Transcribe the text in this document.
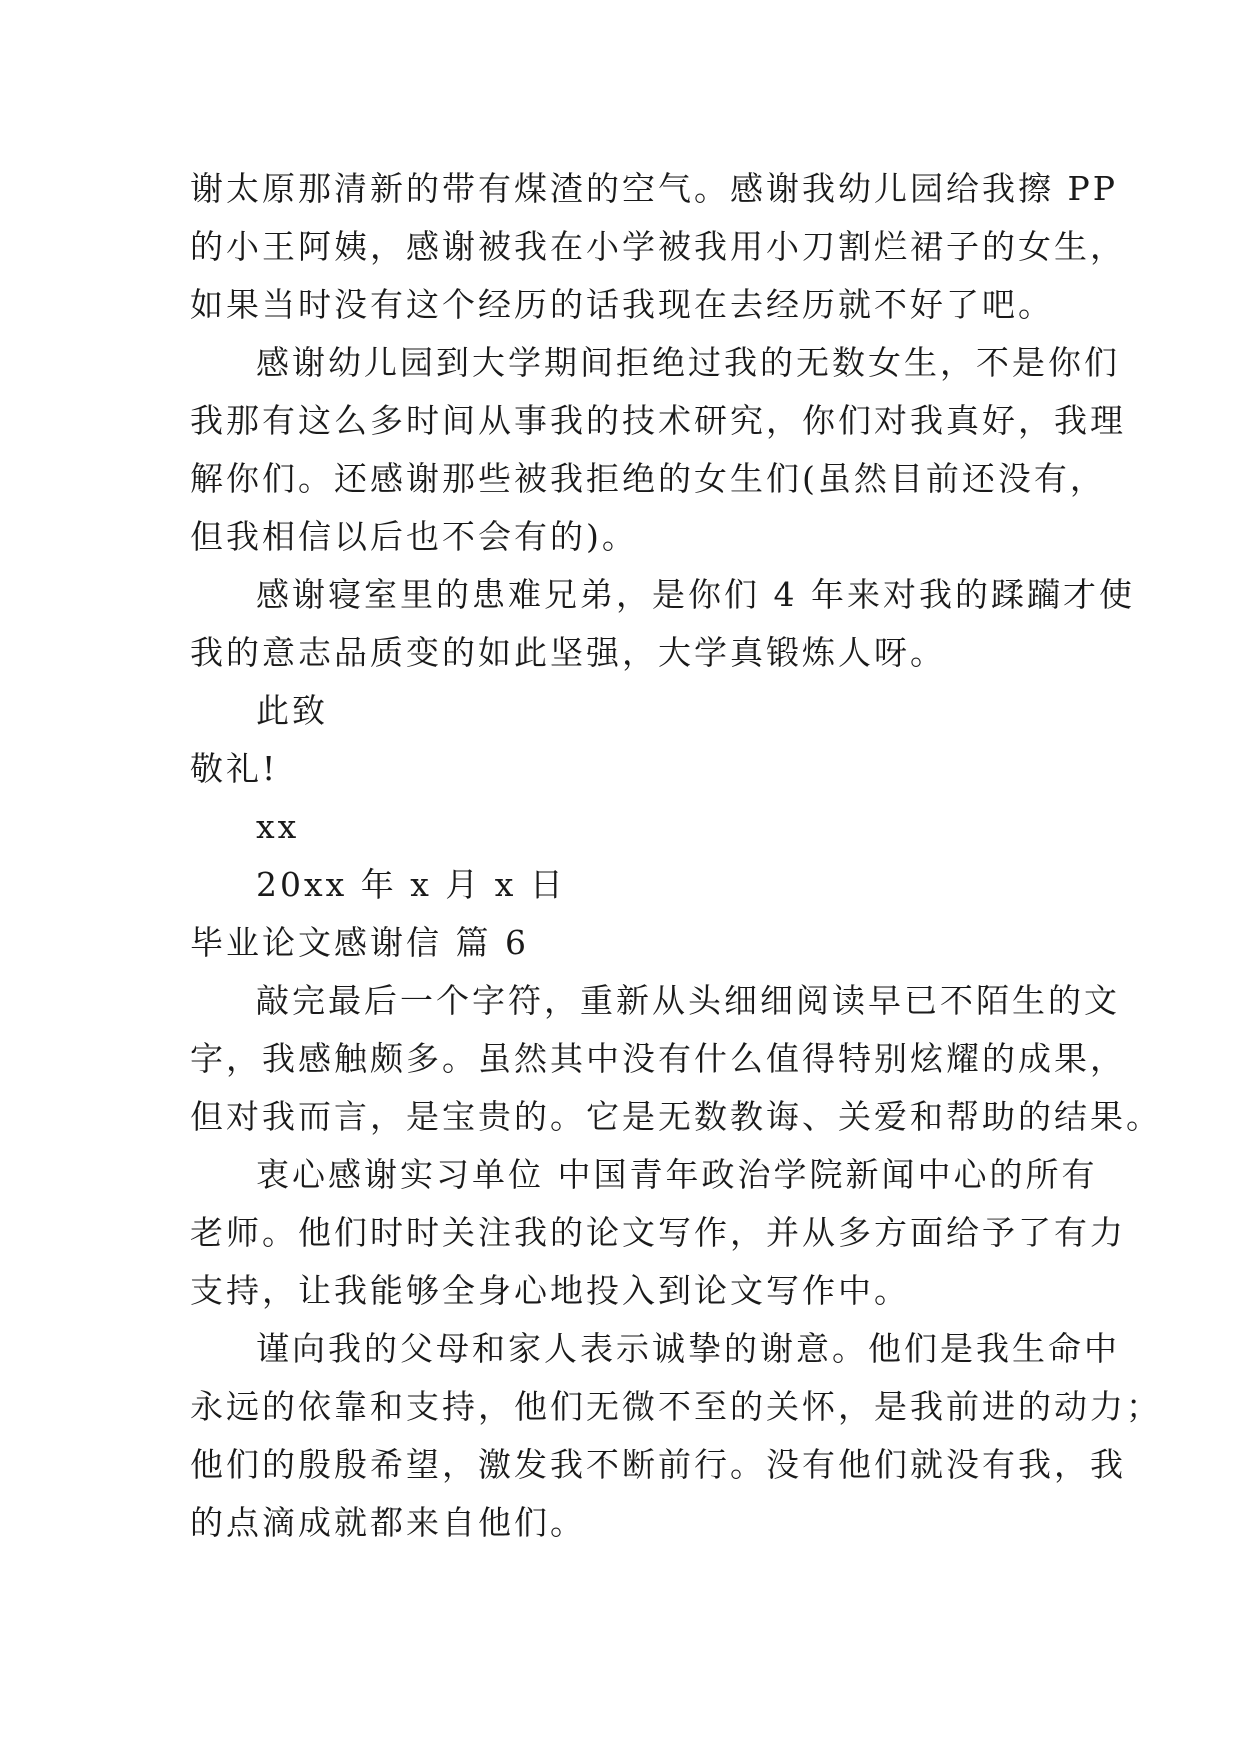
谢太原那清新的带有煤渣的空气。感谢我幼儿园给我擦 PP
的小王阿姨，感谢被我在小学被我用小刀割烂裙子的女生，
如果当时没有这个经历的话我现在去经历就不好了吧。
感谢幼儿园到大学期间拒绝过我的无数女生，不是你们
我那有这么多时间从事我的技术研究，你们对我真好，我理
解你们。还感谢那些被我拒绝的女生们(虽然目前还没有，
但我相信以后也不会有的)。
感谢寝室里的患难兄弟，是你们 4 年来对我的蹂躏才使
我的意志品质变的如此坚强，大学真锻炼人呀。
此致
敬礼!
xx
20xx 年 x 月 x 日
毕业论文感谢信 篇 6
敲完最后一个字符，重新从头细细阅读早已不陌生的文
字，我感触颇多。虽然其中没有什么值得特别炫耀的成果，
但对我而言，是宝贵的。它是无数教诲、关爱和帮助的结果。
衷心感谢实习单位 中国青年政治学院新闻中心的所有
老师。他们时时关注我的论文写作，并从多方面给予了有力
支持，让我能够全身心地投入到论文写作中。
谨向我的父母和家人表示诚挚的谢意。他们是我生命中
永远的依靠和支持，他们无微不至的关怀，是我前进的动力；
他们的殷殷希望，激发我不断前行。没有他们就没有我，我
的点滴成就都来自他们。
